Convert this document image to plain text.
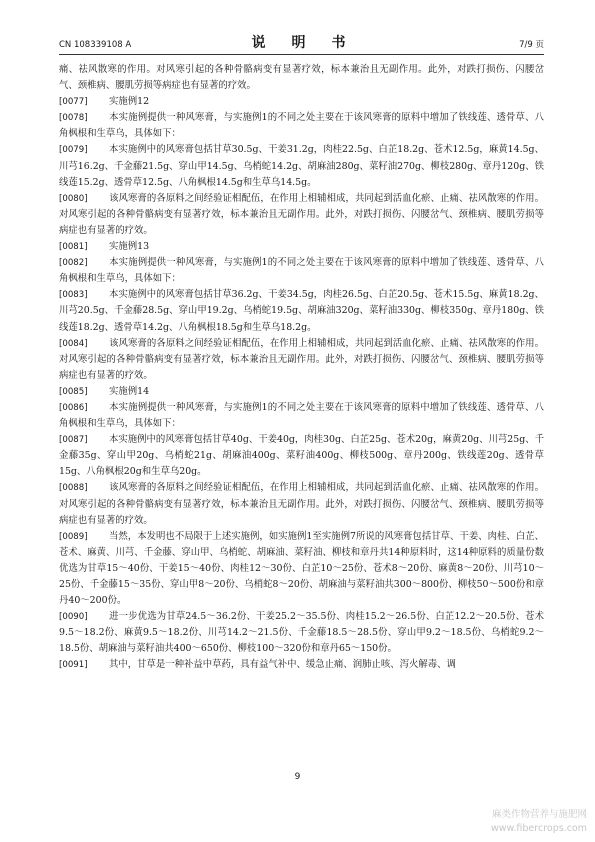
CN 108339108 A	说　明　书	7/9 页

痛、祛风散寒的作用。对风寒引起的各种骨骼病变有显著疗效，标本兼治且无副作用。此外，对跌打损伤、闪腰岔气、颈椎病、腰肌劳损等病症也有显著的疗效。

[0077] 实施例12

[0078] 本实施例提供一种风寒膏，与实施例1的不同之处主要在于该风寒膏的原料中增加了铁线莲、透骨草、八角枫根和生草乌，具体如下：

[0079] 本实施例中的风寒膏包括甘草30.5g、干姜31.2g，肉桂22.5g、白芷18.2g、苍术12.5g，麻黄14.5g、川芎16.2g、千金藤21.5g、穿山甲14.5g、乌梢蛇14.2g、胡麻油280g、菜籽油270g、柳枝280g、章丹120g、铁线莲15.2g、透骨草12.5g、八角枫根14.5g和生草乌14.5g。

[0080] 该风寒膏的各原料之间经验证相配伍，在作用上相辅相成，共同起到活血化瘀、止痛、祛风散寒的作用。对风寒引起的各种骨骼病变有显著疗效，标本兼治且无副作用。此外，对跌打损伤、闪腰岔气、颈椎病、腰肌劳损等病症也有显著的疗效。

[0081] 实施例13

[0082] 本实施例提供一种风寒膏，与实施例1的不同之处主要在于该风寒膏的原料中增加了铁线莲、透骨草、八角枫根和生草乌，具体如下：

[0083] 本实施例中的风寒膏包括甘草36.2g、干姜34.5g，肉桂26.5g、白芷20.5g、苍术15.5g、麻黄18.2g、川芎20.5g、千金藤28.5g、穿山甲19.2g、乌梢蛇19.5g、胡麻油320g、菜籽油330g、柳枝350g、章丹180g、铁线莲18.2g、透骨草14.2g、八角枫根18.5g和生草乌18.2g。

[0084] 该风寒膏的各原料之间经验证相配伍，在作用上相辅相成，共同起到活血化瘀、止痛、祛风散寒的作用。对风寒引起的各种骨骼病变有显著疗效，标本兼治且无副作用。此外，对跌打损伤、闪腰岔气、颈椎病、腰肌劳损等病症也有显著的疗效。

[0085] 实施例14

[0086] 本实施例提供一种风寒膏，与实施例1的不同之处主要在于该风寒膏的原料中增加了铁线莲、透骨草、八角枫根和生草乌，具体如下：

[0087] 本实施例中的风寒膏包括甘草40g、干姜40g，肉桂30g、白芷25g、苍术20g，麻黄20g、川芎25g、千金藤35g、穿山甲20g、乌梢蛇21g、胡麻油400g、菜籽油400g、柳枝500g、章丹200g、铁线莲20g、透骨草15g、八角枫根20g和生草乌20g。

[0088] 该风寒膏的各原料之间经验证相配伍，在作用上相辅相成，共同起到活血化瘀、止痛、祛风散寒的作用。对风寒引起的各种骨骼病变有显著疗效，标本兼治且无副作用。此外，对跌打损伤、闪腰岔气、颈椎病、腰肌劳损等病症也有显著的疗效。

[0089] 当然，本发明也不局限于上述实施例，如实施例1至实施例7所说的风寒膏包括甘草、干姜、肉桂、白芷、苍术、麻黄、川芎、千金藤、穿山甲、乌梢蛇、胡麻油、菜籽油、柳枝和章丹共14种原料时，这14种原料的质量份数优选为甘草15～40份、干姜15～40份、肉桂12～30份、白芷10～25份、苍术8～20份、麻黄8～20份、川芎10～25份、千金藤15～35份、穿山甲8～20份、乌梢蛇8～20份、胡麻油与菜籽油共300～800份、柳枝50～500份和章丹40～200份。

[0090] 进一步优选为甘草24.5～36.2份、干姜25.2～35.5份、肉桂15.2～26.5份、白芷12.2～20.5份、苍术9.5～18.2份、麻黄9.5～18.2份、川芎14.2～21.5份、千金藤18.5～28.5份、穿山甲9.2～18.5份、乌梢蛇9.2～18.5份、胡麻油与菜籽油共400～650份、柳枝100～320份和章丹65～150份。

[0091] 其中，甘草是一种补益中草药，具有益气补中、缓急止痛、润肺止咳、泻火解毒、调

9
麻类作物营养与施肥网
www.fibercrops.com
